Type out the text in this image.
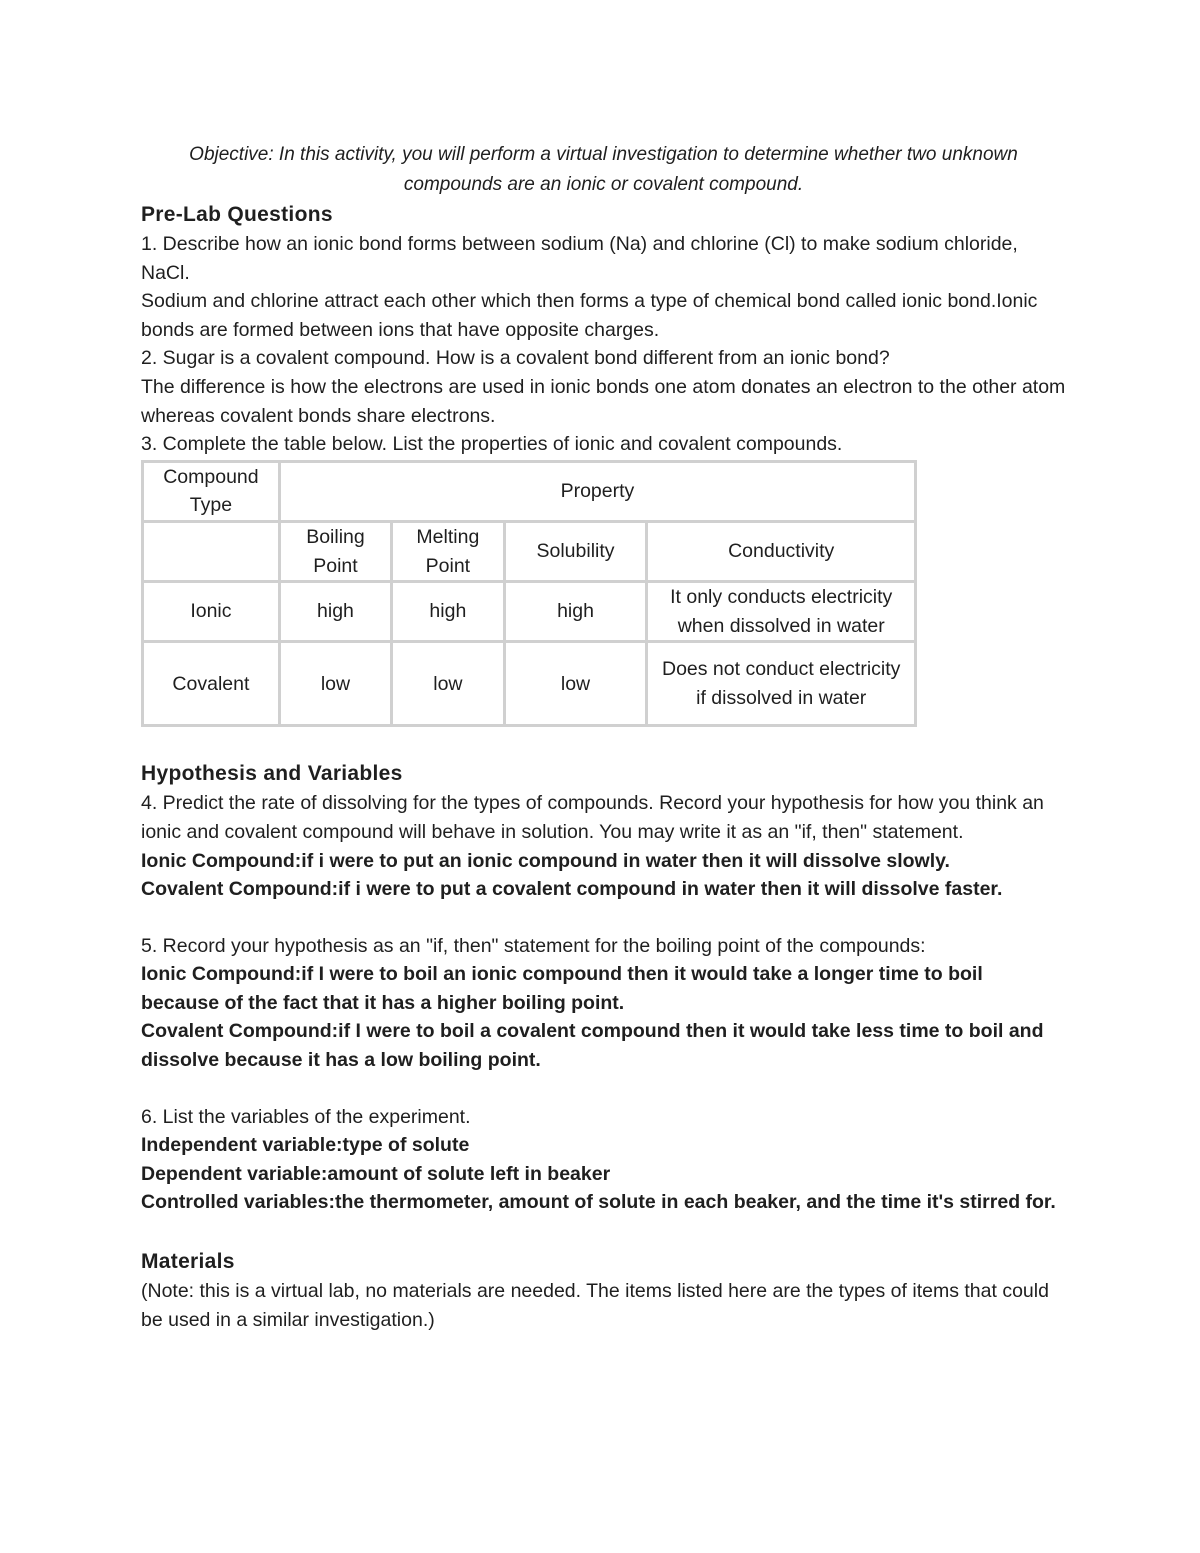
Objective: In this activity, you will perform a virtual investigation to determine whether two unknown compounds are an ionic or covalent compound.

Pre-Lab Questions

1. Describe how an ionic bond forms between sodium (Na) and chlorine (Cl) to make sodium chloride, NaCl.

Sodium and chlorine attract each other which then forms a type of chemical bond called ionic bond.Ionic bonds are formed between ions that have opposite charges.

2. Sugar is a covalent compound. How is a covalent bond different from an ionic bond?

The difference is how the electrons are used in ionic bonds one atom donates an electron to the other atom whereas covalent bonds share electrons.

3. Complete the table below. List the properties of ionic and covalent compounds.

Compound Type	Property			
	Boiling Point	Melting Point	Solubility	Conductivity
Ionic	high	high	high	It only conducts electricity when dissolved in water
Covalent	low	low	low	Does not conduct electricity if dissolved in water
Hypothesis and Variables

4. Predict the rate of dissolving for the types of compounds. Record your hypothesis for how you think an ionic and covalent compound will behave in solution. You may write it as an "if, then" statement.

Ionic Compound:if i were to put an ionic compound in water then it will dissolve slowly.

Covalent Compound:if i were to put a covalent compound in water then it will dissolve faster.

5. Record your hypothesis as an "if, then" statement for the boiling point of the compounds:

Ionic Compound:if I were to boil an ionic compound then it would take a longer time to boil because of the fact that it has a higher boiling point.

Covalent Compound:if I were to boil a covalent compound then it would take less time to boil and dissolve because it has a low boiling point.

6. List the variables of the experiment.

Independent variable:type of solute

Dependent variable:amount of solute left in beaker

Controlled variables:the thermometer, amount of solute in each beaker, and the time it's stirred for.

Materials

(Note: this is a virtual lab, no materials are needed. The items listed here are the types of items that could be used in a similar investigation.)
